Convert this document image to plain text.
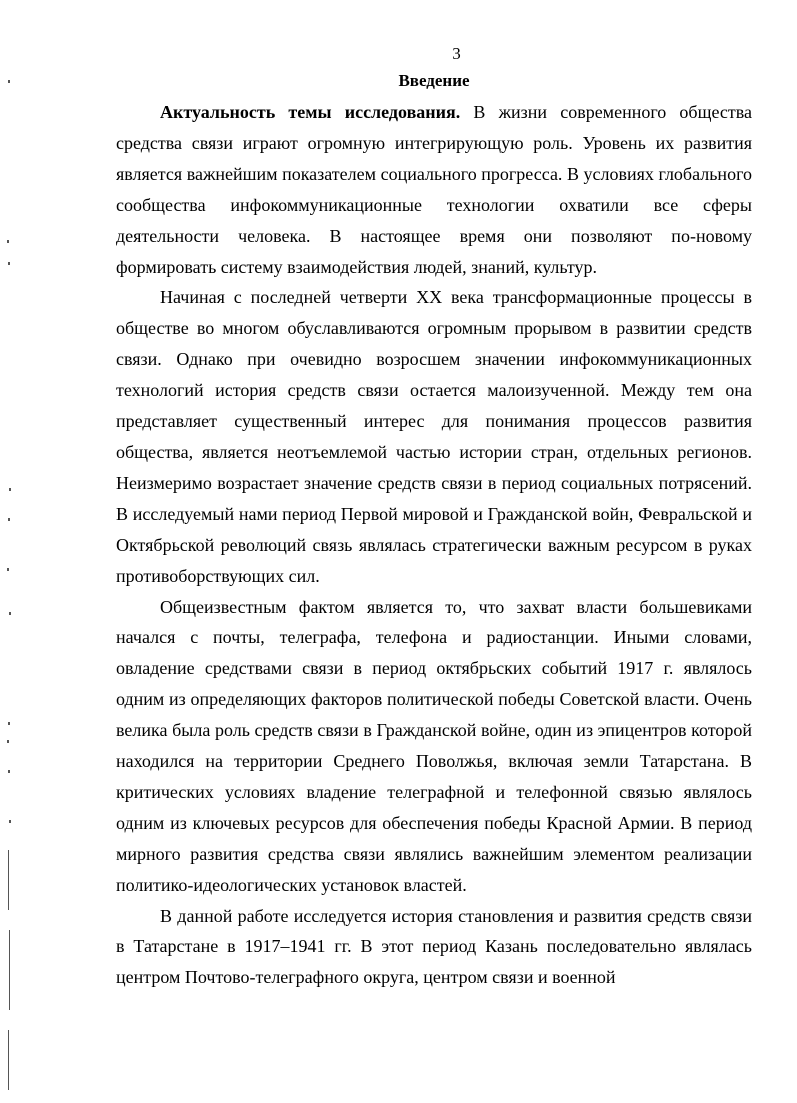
3
Введение

Актуальность темы исследования. В жизни современного общества средства связи играют огромную интегрирующую роль. Уровень их развития является важнейшим показателем социального прогресса. В условиях глобального сообщества инфокоммуникационные технологии охватили все сферы деятельности человека. В настоящее время они позволяют по-новому формировать систему взаимодействия людей, знаний, культур.

Начиная с последней четверти XX века трансформационные процессы в обществе во многом обуславливаются огромным прорывом в развитии средств связи. Однако при очевидно возросшем значении инфокоммуникационных технологий история средств связи остается малоизученной. Между тем она представляет существенный интерес для понимания процессов развития общества, является неотъемлемой частью истории стран, отдельных регионов. Неизмеримо возрастает значение средств связи в период социальных потрясений. В исследуемый нами период Первой мировой и Гражданской войн, Февральской и Октябрьской революций связь являлась стратегически важным ресурсом в руках противоборствующих сил.

Общеизвестным фактом является то, что захват власти большевиками начался с почты, телеграфа, телефона и радиостанции. Иными словами, овладение средствами связи в период октябрьских событий 1917 г. являлось одним из определяющих факторов политической победы Советской власти. Очень велика была роль средств связи в Гражданской войне, один из эпицентров которой находился на территории Среднего Поволжья, включая земли Татарстана. В критических условиях владение телеграфной и телефонной связью являлось одним из ключевых ресурсов для обеспечения победы Красной Армии. В период мирного развития средства связи являлись важнейшим элементом реализации политико-идеологических установок властей.

В данной работе исследуется история становления и развития средств связи в Татарстане в 1917–1941 гг. В этот период Казань последовательно являлась центром Почтово-телеграфного округа, центром связи и военной
